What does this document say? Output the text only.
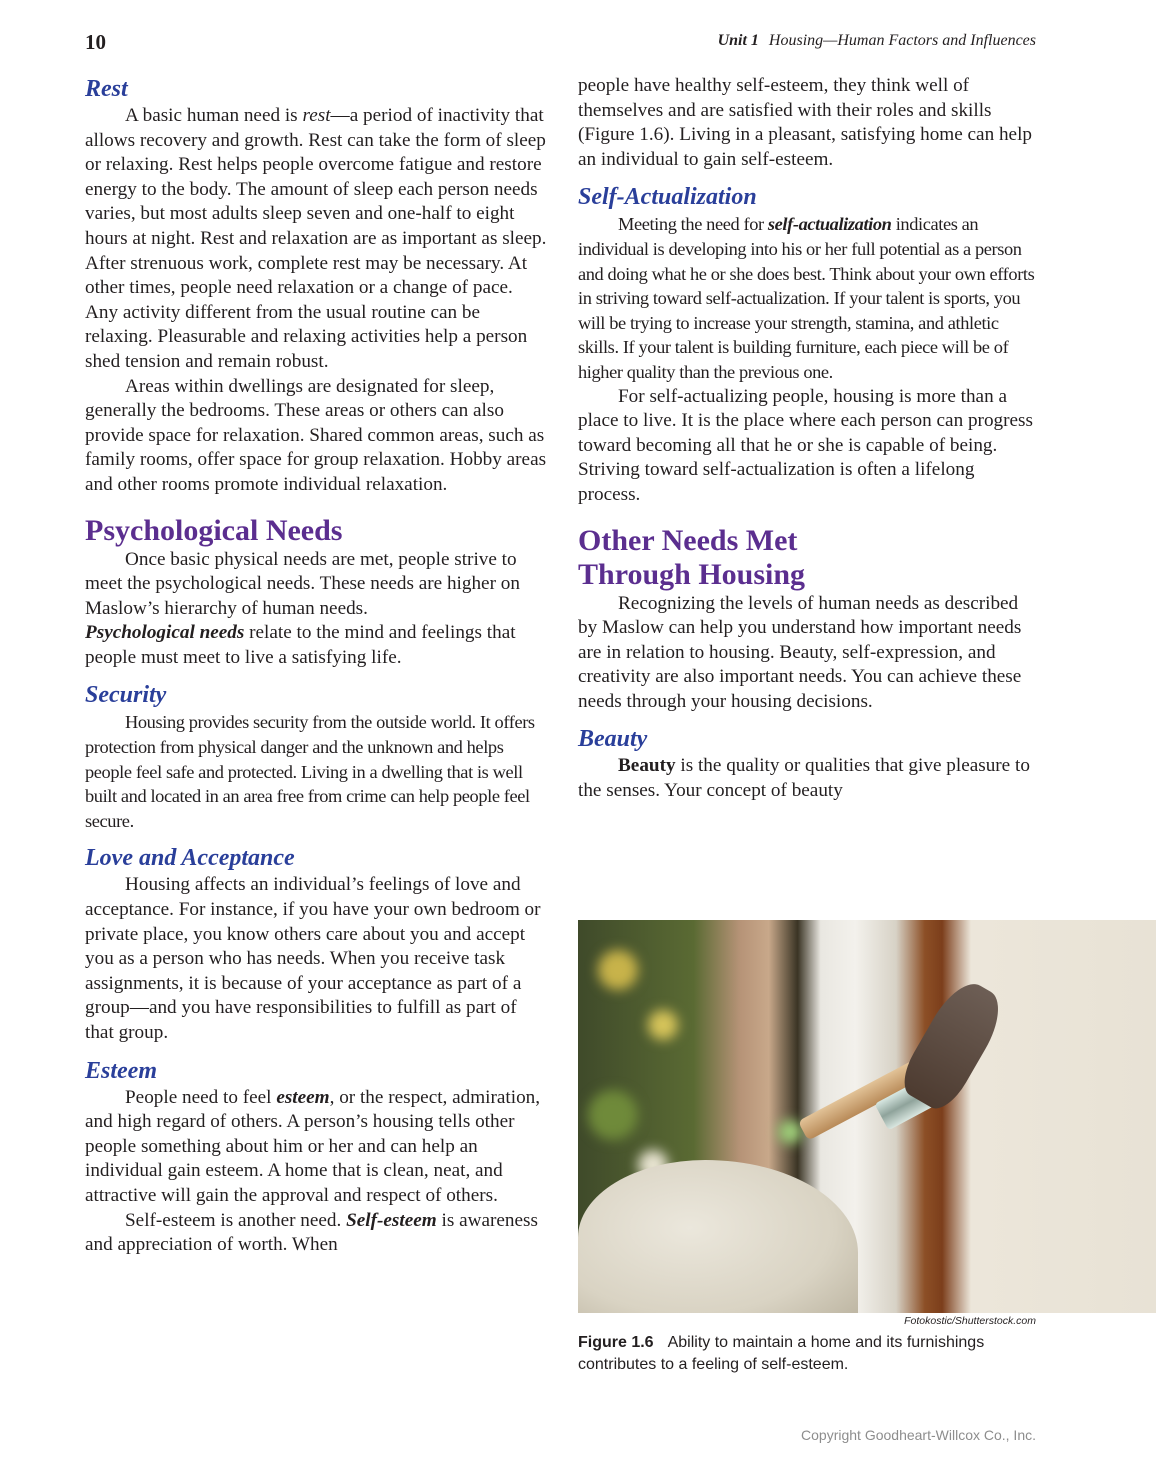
10	Unit 1 Housing—Human Factors and Influences
Rest

A basic human need is rest—a period of inactivity that allows recovery and growth. Rest can take the form of sleep or relaxing. Rest helps people overcome fatigue and restore energy to the body. The amount of sleep each person needs varies, but most adults sleep seven and one-half to eight hours at night. Rest and relaxation are as important as sleep. After strenuous work, complete rest may be necessary. At other times, people need relaxation or a change of pace. Any activity different from the usual routine can be relaxing. Pleasurable and relaxing activities help a person shed tension and remain robust.

Areas within dwellings are designated for sleep, generally the bedrooms. These areas or others can also provide space for relaxation. Shared common areas, such as family rooms, offer space for group relaxation. Hobby areas and other rooms promote individual relaxation.

Psychological Needs

Once basic physical needs are met, people strive to meet the psychological needs. These needs are higher on Maslow’s hierarchy of human needs.
Psychological needs relate to the mind and feelings that people must meet to live a satisfying life.

Security

Housing provides security from the outside world. It offers protection from physical danger and the unknown and helps people feel safe and protected. Living in a dwelling that is well built and located in an area free from crime can help people feel secure.

Love and Acceptance

Housing affects an individual’s feelings of love and acceptance. For instance, if you have your own bedroom or private place, you know others care about you and accept you as a person who has needs. When you receive task assignments, it is because of your acceptance as part of a group—and you have responsibilities to fulfill as part of that group.

Esteem

People need to feel esteem, or the respect, admiration, and high regard of others. A person’s housing tells other people something about him or her and can help an individual gain esteem. A home that is clean, neat, and attractive will gain the approval and respect of others.

Self-esteem is another need. Self-esteem is awareness and appreciation of worth. When

people have healthy self-esteem, they think well of themselves and are satisfied with their roles and skills (Figure 1.6). Living in a pleasant, satisfying home can help an individual to gain self-esteem.

Self-Actualization

Meeting the need for self-actualization indicates an individual is developing into his or her full potential as a person and doing what he or she does best. Think about your own efforts in striving toward self-actualization. If your talent is sports, you will be trying to increase your strength, stamina, and athletic skills. If your talent is building furniture, each piece will be of higher quality than the previous one.

For self-actualizing people, housing is more than a place to live. It is the place where each person can progress toward becoming all that he or she is capable of being. Striving toward self-actualization is often a lifelong process.

Other Needs Met
Through Housing

Recognizing the levels of human needs as described by Maslow can help you understand how important needs are in relation to housing. Beauty, self-expression, and creativity are also important needs. You can achieve these needs through your housing decisions.

Beauty

Beauty is the quality or qualities that give pleasure to the senses. Your concept of beauty

Fotokostic/Shutterstock.com
Figure 1.6 Ability to maintain a home and its furnishings contributes to a feeling of self-esteem.
Copyright Goodheart-Willcox Co., Inc.
